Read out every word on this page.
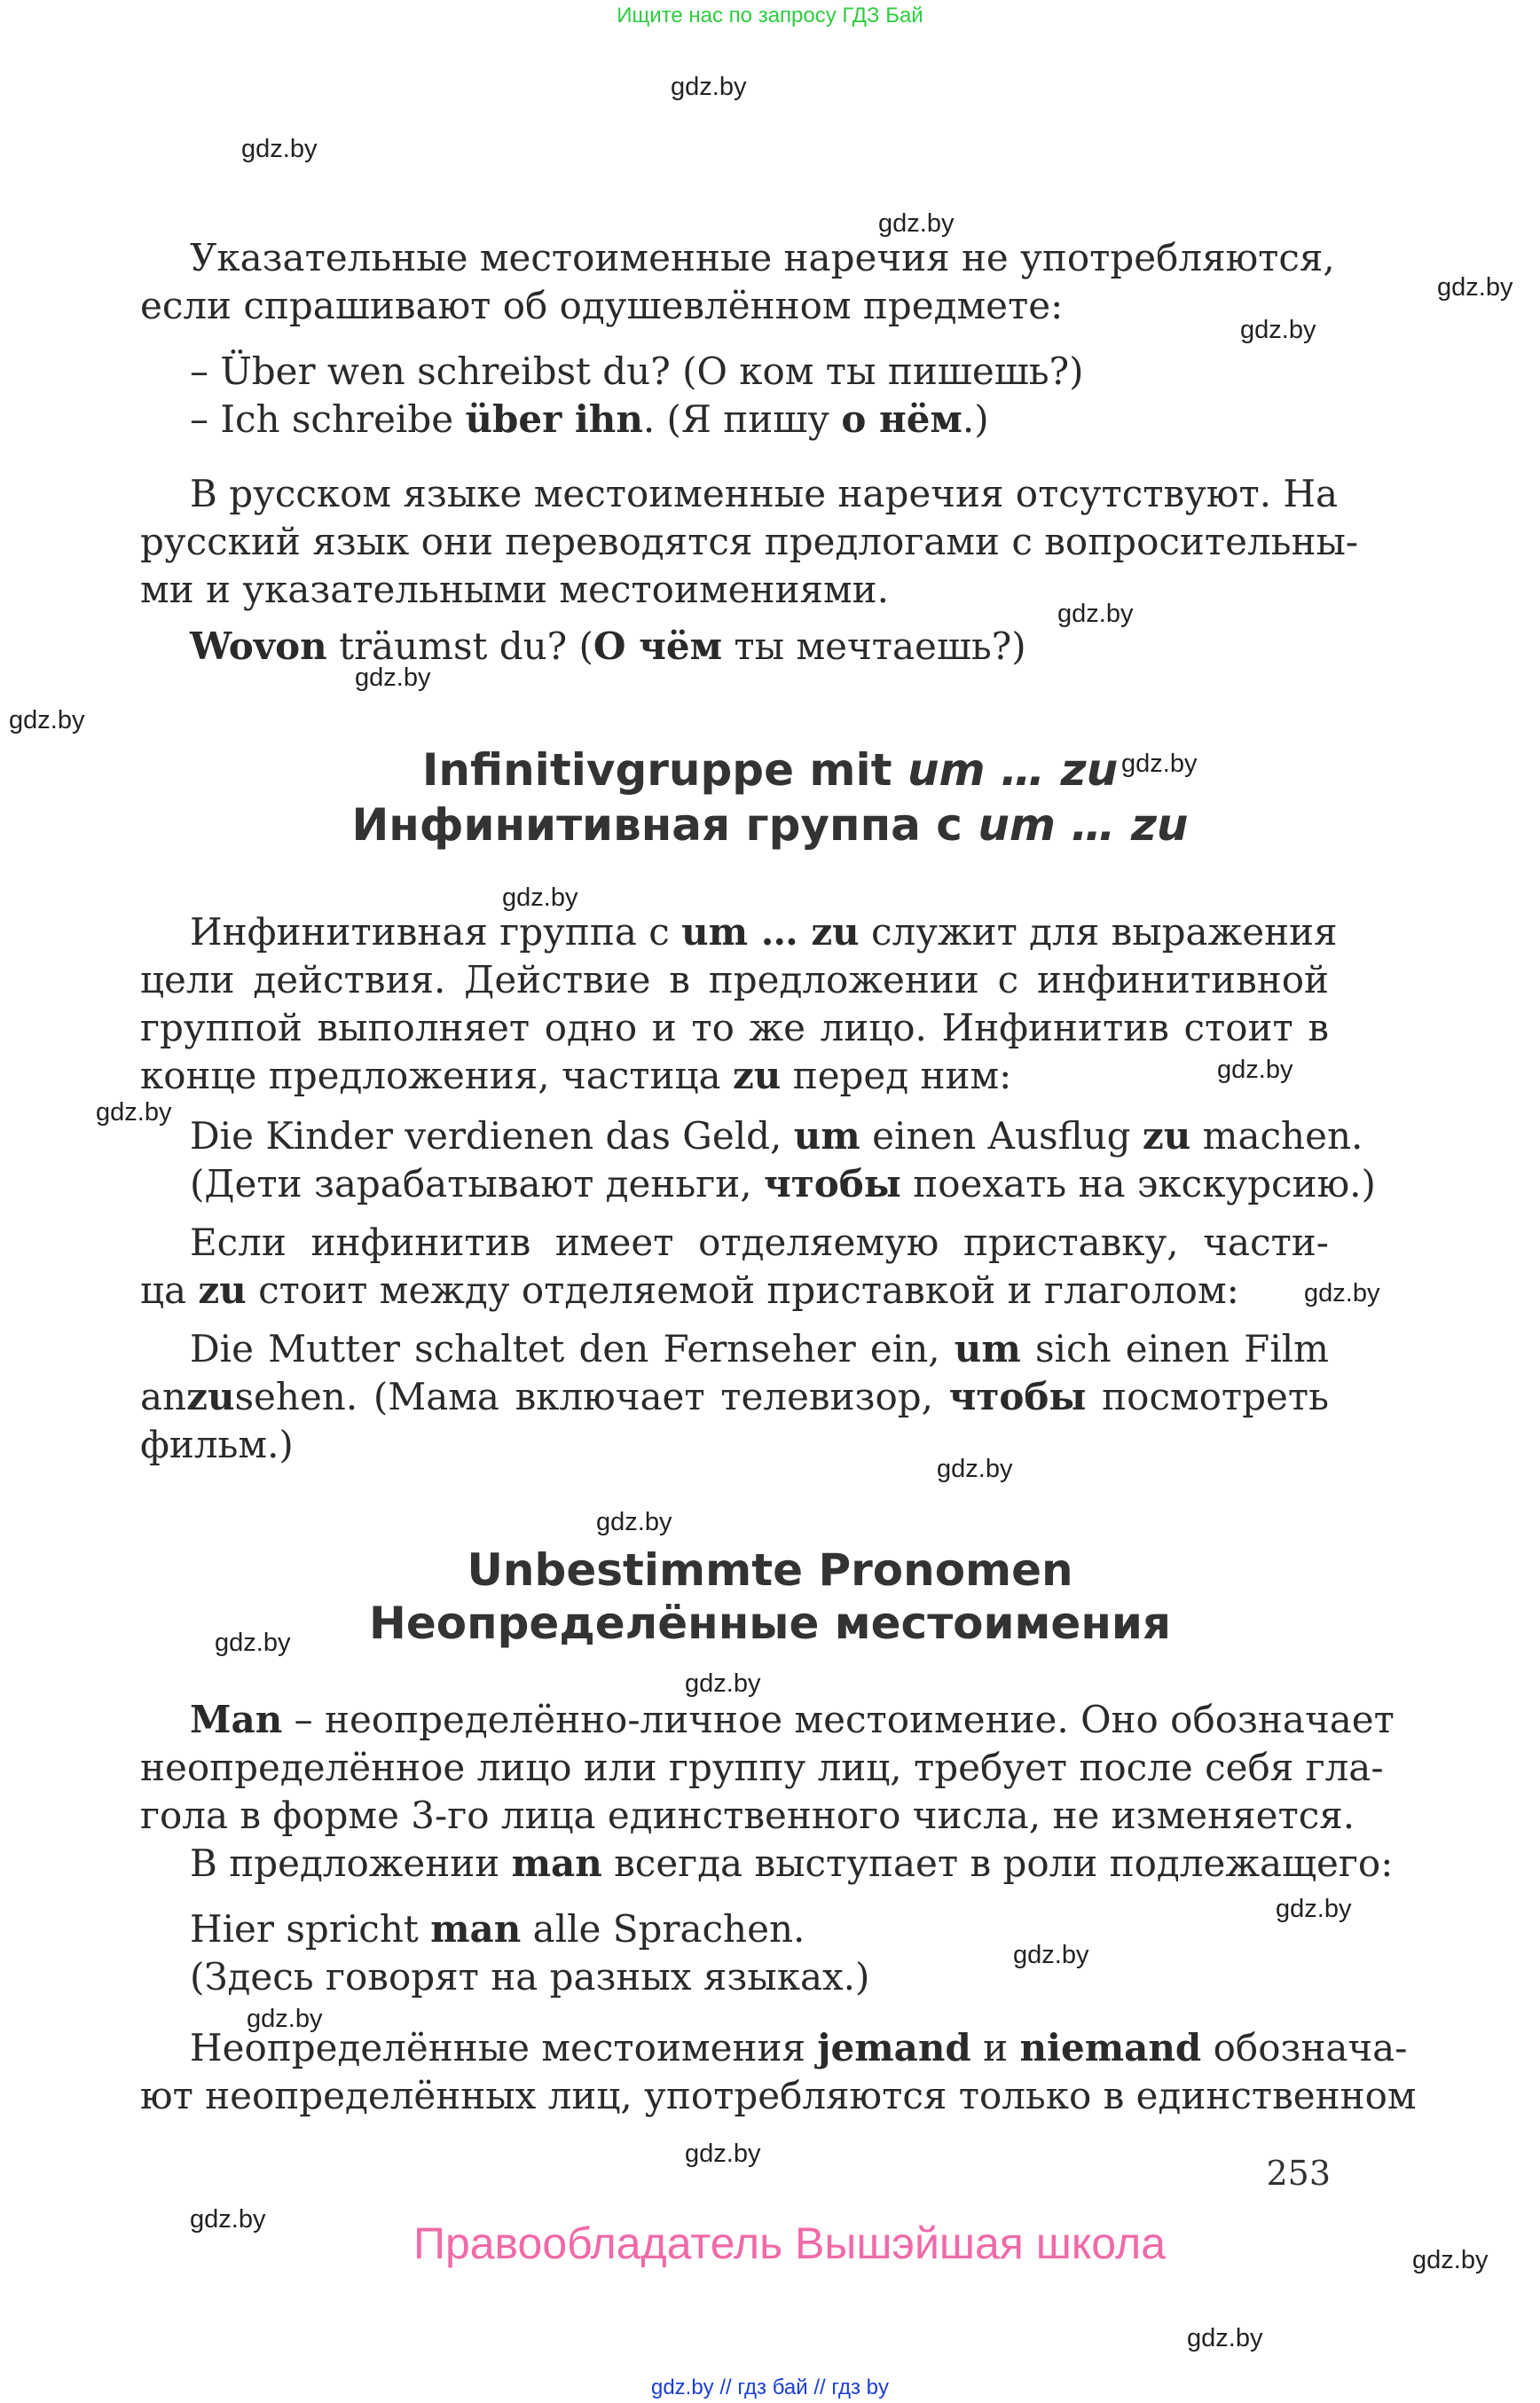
Ищите нас по запросу ГДЗ Бай
gdz.by
gdz.by
gdz.by
gdz.by
gdz.by
gdz.by
gdz.by
gdz.by
gdz.by
gdz.by
gdz.by
gdz.by
gdz.by
gdz.by
gdz.by
gdz.by
gdz.by
gdz.by
gdz.by
gdz.by
gdz.by
gdz.by
gdz.by
gdz.by
Указательные местоименные наречия не употребляются,
если спрашивают об одушевлённом предмете:
– Über wen schreibst du? (О ком ты пишешь?)
– Ich schreibe über ihn. (Я пишу о нём.)
В русском языке местоименные наречия отсутствуют. На
русский язык они переводятся предлогами с вопросительны-
ми и указательными местоимениями.
Wovon träumst du? (О чём ты мечтаешь?)
Infinitivgruppe mit um … zu
Инфинитивная группа с um … zu
Инфинитивная группа с um … zu служит для выражения
цели действия. Действие в предложении с инфинитивной
группой выполняет одно и то же лицо. Инфинитив стоит в
конце предложения, частица zu перед ним:
Die Kinder verdienen das Geld, um einen Ausflug zu machen.
(Дети зарабатывают деньги, чтобы поехать на экскурсию.)
Если инфинитив имеет отделяемую приставку, части-
ца zu стоит между отделяемой приставкой и глаголом:
Die Mutter schaltet den Fernseher ein, um sich einen Film
anzusehen. (Мама включает телевизор, чтобы посмотреть
фильм.)
Unbestimmte Pronomen
Неопределённые местоимения
Man – неопределённо-личное местоимение. Оно обозначает
неопределённое лицо или группу лиц, требует после себя гла-
гола в форме 3-го лица единственного числа, не изменяется.
В предложении man всегда выступает в роли подлежащего:
Hier spricht man alle Sprachen.
(Здесь говорят на разных языках.)
Неопределённые местоимения jemand и niemand обознача-
ют неопределённых лиц, употребляются только в единственном
253
Правообладатель Вышэйшая школа
gdz.by // гдз бай // гдз by
